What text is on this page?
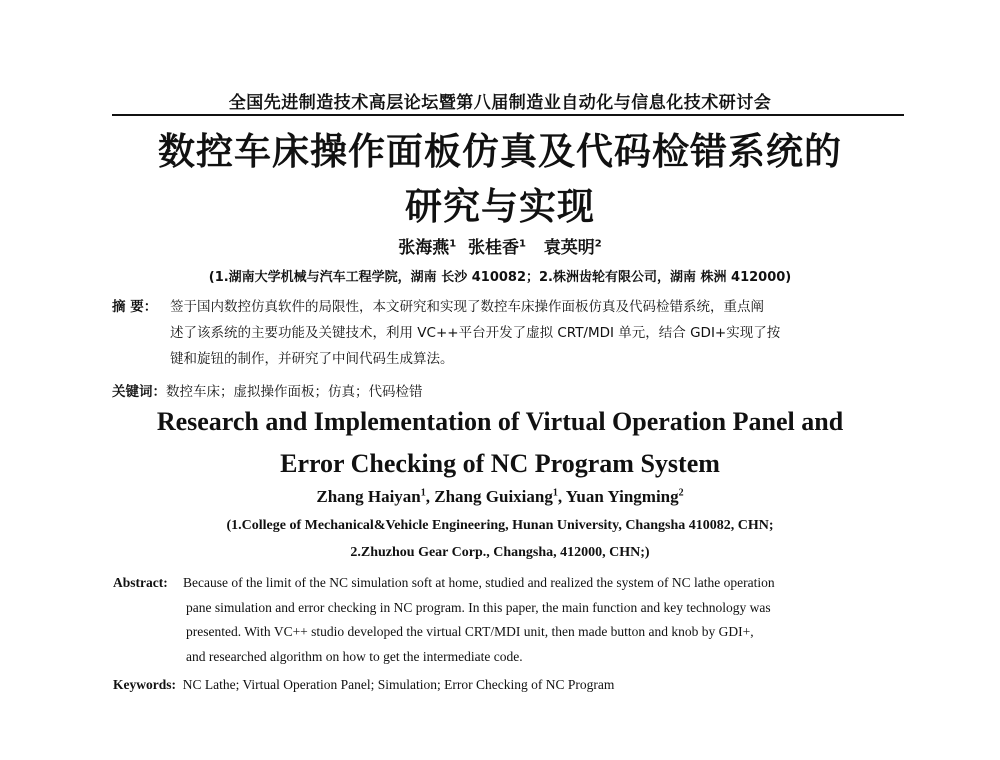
全国先进制造技术高层论坛暨第八届制造业自动化与信息化技术研讨会
数控车床操作面板仿真及代码检错系统的
研究与实现
张海燕$^1$ 张桂香$^1$ 袁英明$^2$
(1.湖南大学机械与汽车工程学院，湖南 长沙 410082；2.株洲齿轮有限公司，湖南 株洲 412000)
摘 要： 签于国内数控仿真软件的局限性，本文研究和实现了数控车床操作面板仿真及代码检错系统，重点阐
述了该系统的主要功能及关键技术，利用 VC++平台开发了虚拟 CRT/MDI 单元，结合 GDI+实现了按
键和旋钮的制作，并研究了中间代码生成算法。
关键词：数控车床；虚拟操作面板；仿真；代码检错
Research and Implementation of Virtual Operation Panel and
Error Checking of NC Program System
Zhang Haiyan$^1$, Zhang Guixiang$^1$, Yuan Yingming$^2$
(1.College of Mechanical&Vehicle Engineering, Hunan University, Changsha 410082, CHN;
2.Zhuzhou Gear Corp., Changsha, 412000, CHN;)
Abstract:	Because of the limit of the NC simulation soft at home, studied and realized the system of NC lathe operation
pane simulation and error checking in NC program. In this paper, the main function and key technology was
presented. With VC++ studio developed the virtual CRT/MDI unit, then made button and knob by GDI+,
and researched algorithm on how to get the intermediate code.
Keywords: NC Lathe; Virtual Operation Panel; Simulation; Error Checking of NC Program
